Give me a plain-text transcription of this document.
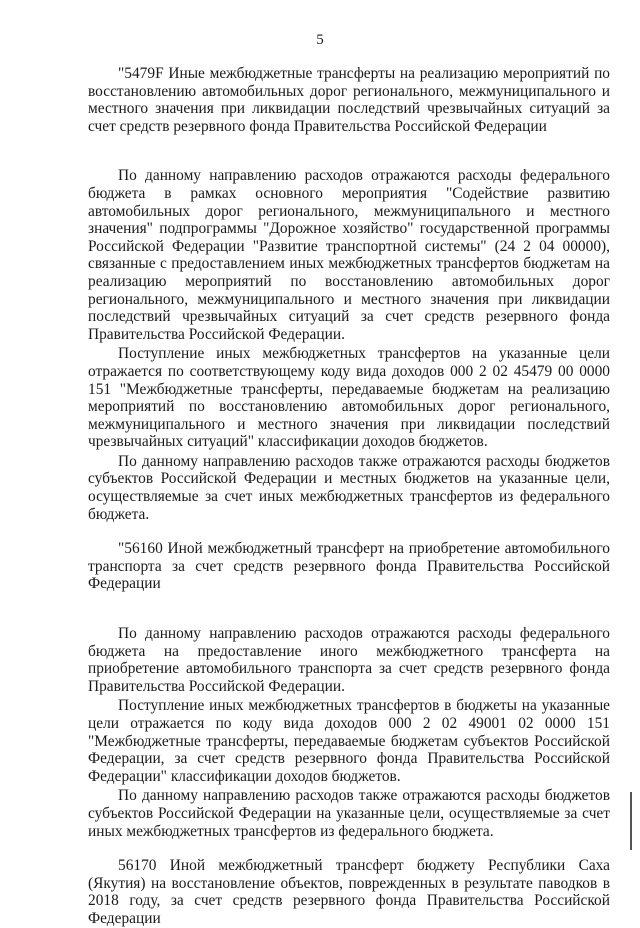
5

"5479F Иные межбюджетные трансферты на реализацию мероприятий по восстановлению автомобильных дорог регионального, межмуниципального и местного значения при ликвидации последствий чрезвычайных ситуаций за счет средств резервного фонда Правительства Российской Федерации

По данному направлению расходов отражаются расходы федерального бюджета в рамках основного мероприятия "Содействие развитию автомобильных дорог регионального, межмуниципального и местного значения" подпрограммы "Дорожное хозяйство" государственной программы Российской Федерации "Развитие транспортной системы" (24 2 04 00000), связанные с предоставлением иных межбюджетных трансфертов бюджетам на реализацию мероприятий по восстановлению автомобильных дорог регионального, межмуниципального и местного значения при ликвидации последствий чрезвычайных ситуаций за счет средств резервного фонда Правительства Российской Федерации.

Поступление иных межбюджетных трансфертов на указанные цели отражается по соответствующему коду вида доходов 000 2 02 45479 00 0000 151 "Межбюджетные трансферты, передаваемые бюджетам на реализацию мероприятий по восстановлению автомобильных дорог регионального, межмуниципального и местного значения при ликвидации последствий чрезвычайных ситуаций" классификации доходов бюджетов.

По данному направлению расходов также отражаются расходы бюджетов субъектов Российской Федерации и местных бюджетов на указанные цели, осуществляемые за счет иных межбюджетных трансфертов из федерального бюджета.

"56160 Иной межбюджетный трансферт на приобретение автомобильного транспорта за счет средств резервного фонда Правительства Российской Федерации

По данному направлению расходов отражаются расходы федерального бюджета на предоставление иного межбюджетного трансферта на приобретение автомобильного транспорта за счет средств резервного фонда Правительства Российской Федерации.

Поступление иных межбюджетных трансфертов в бюджеты на указанные цели отражается по коду вида доходов 000 2 02 49001 02 0000 151 "Межбюджетные трансферты, передаваемые бюджетам субъектов Российской Федерации, за счет средств резервного фонда Правительства Российской Федерации" классификации доходов бюджетов.

По данному направлению расходов также отражаются расходы бюджетов субъектов Российской Федерации на указанные цели, осуществляемые за счет иных межбюджетных трансфертов из федерального бюджета.

56170 Иной межбюджетный трансферт бюджету Республики Саха (Якутия) на восстановление объектов, поврежденных в результате паводков в 2018 году, за счет средств резервного фонда Правительства Российской Федерации
